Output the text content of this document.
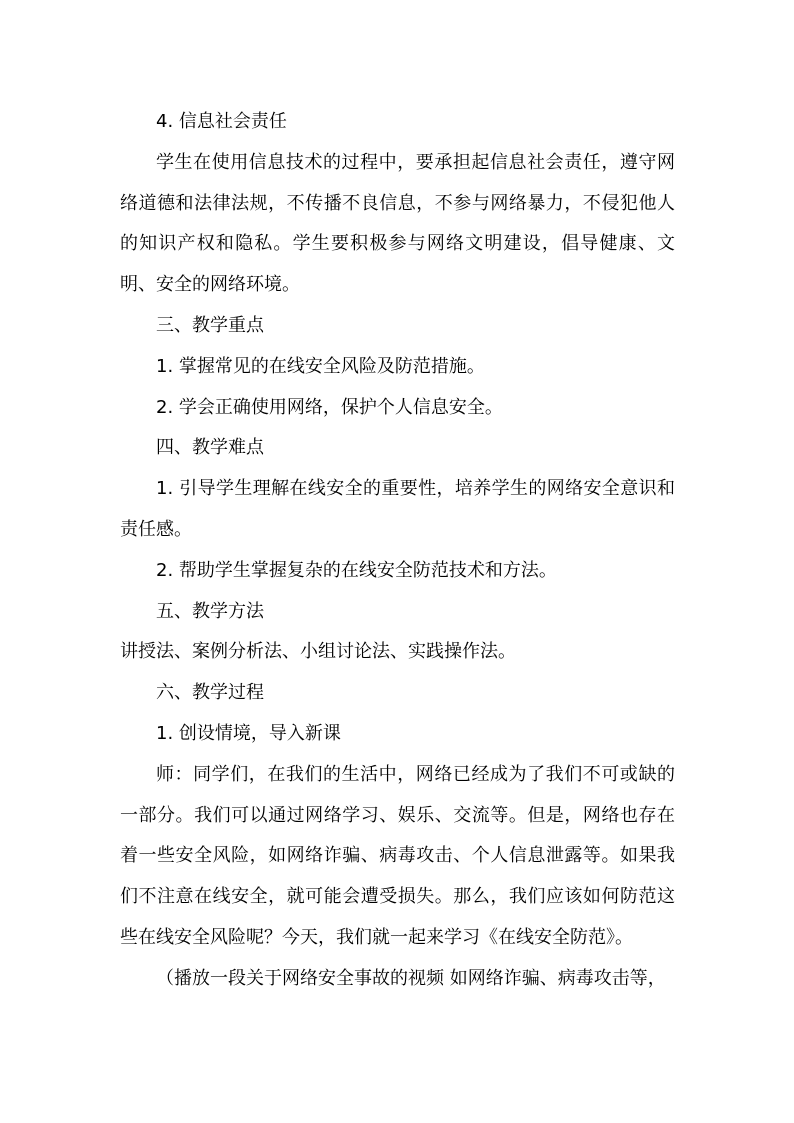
4. 信息社会责任

学生在使用信息技术的过程中，要承担起信息社会责任，遵守网络道德和法律法规，不传播不良信息，不参与网络暴力，不侵犯他人的知识产权和隐私。学生要积极参与网络文明建设，倡导健康、文明、安全的网络环境。

三、教学重点

1. 掌握常见的在线安全风险及防范措施。

2. 学会正确使用网络，保护个人信息安全。

四、教学难点

1. 引导学生理解在线安全的重要性，培养学生的网络安全意识和责任感。

2. 帮助学生掌握复杂的在线安全防范技术和方法。

五、教学方法

讲授法、案例分析法、小组讨论法、实践操作法。

六、教学过程

1. 创设情境，导入新课

师：同学们，在我们的生活中，网络已经成为了我们不可或缺的一部分。我们可以通过网络学习、娱乐、交流等。但是，网络也存在着一些安全风险，如网络诈骗、病毒攻击、个人信息泄露等。如果我们不注意在线安全，就可能会遭受损失。那么，我们应该如何防范这些在线安全风险呢？今天，我们就一起来学习《在线安全防范》。

（播放一段关于网络安全事故的视频 如网络诈骗、病毒攻击等，
